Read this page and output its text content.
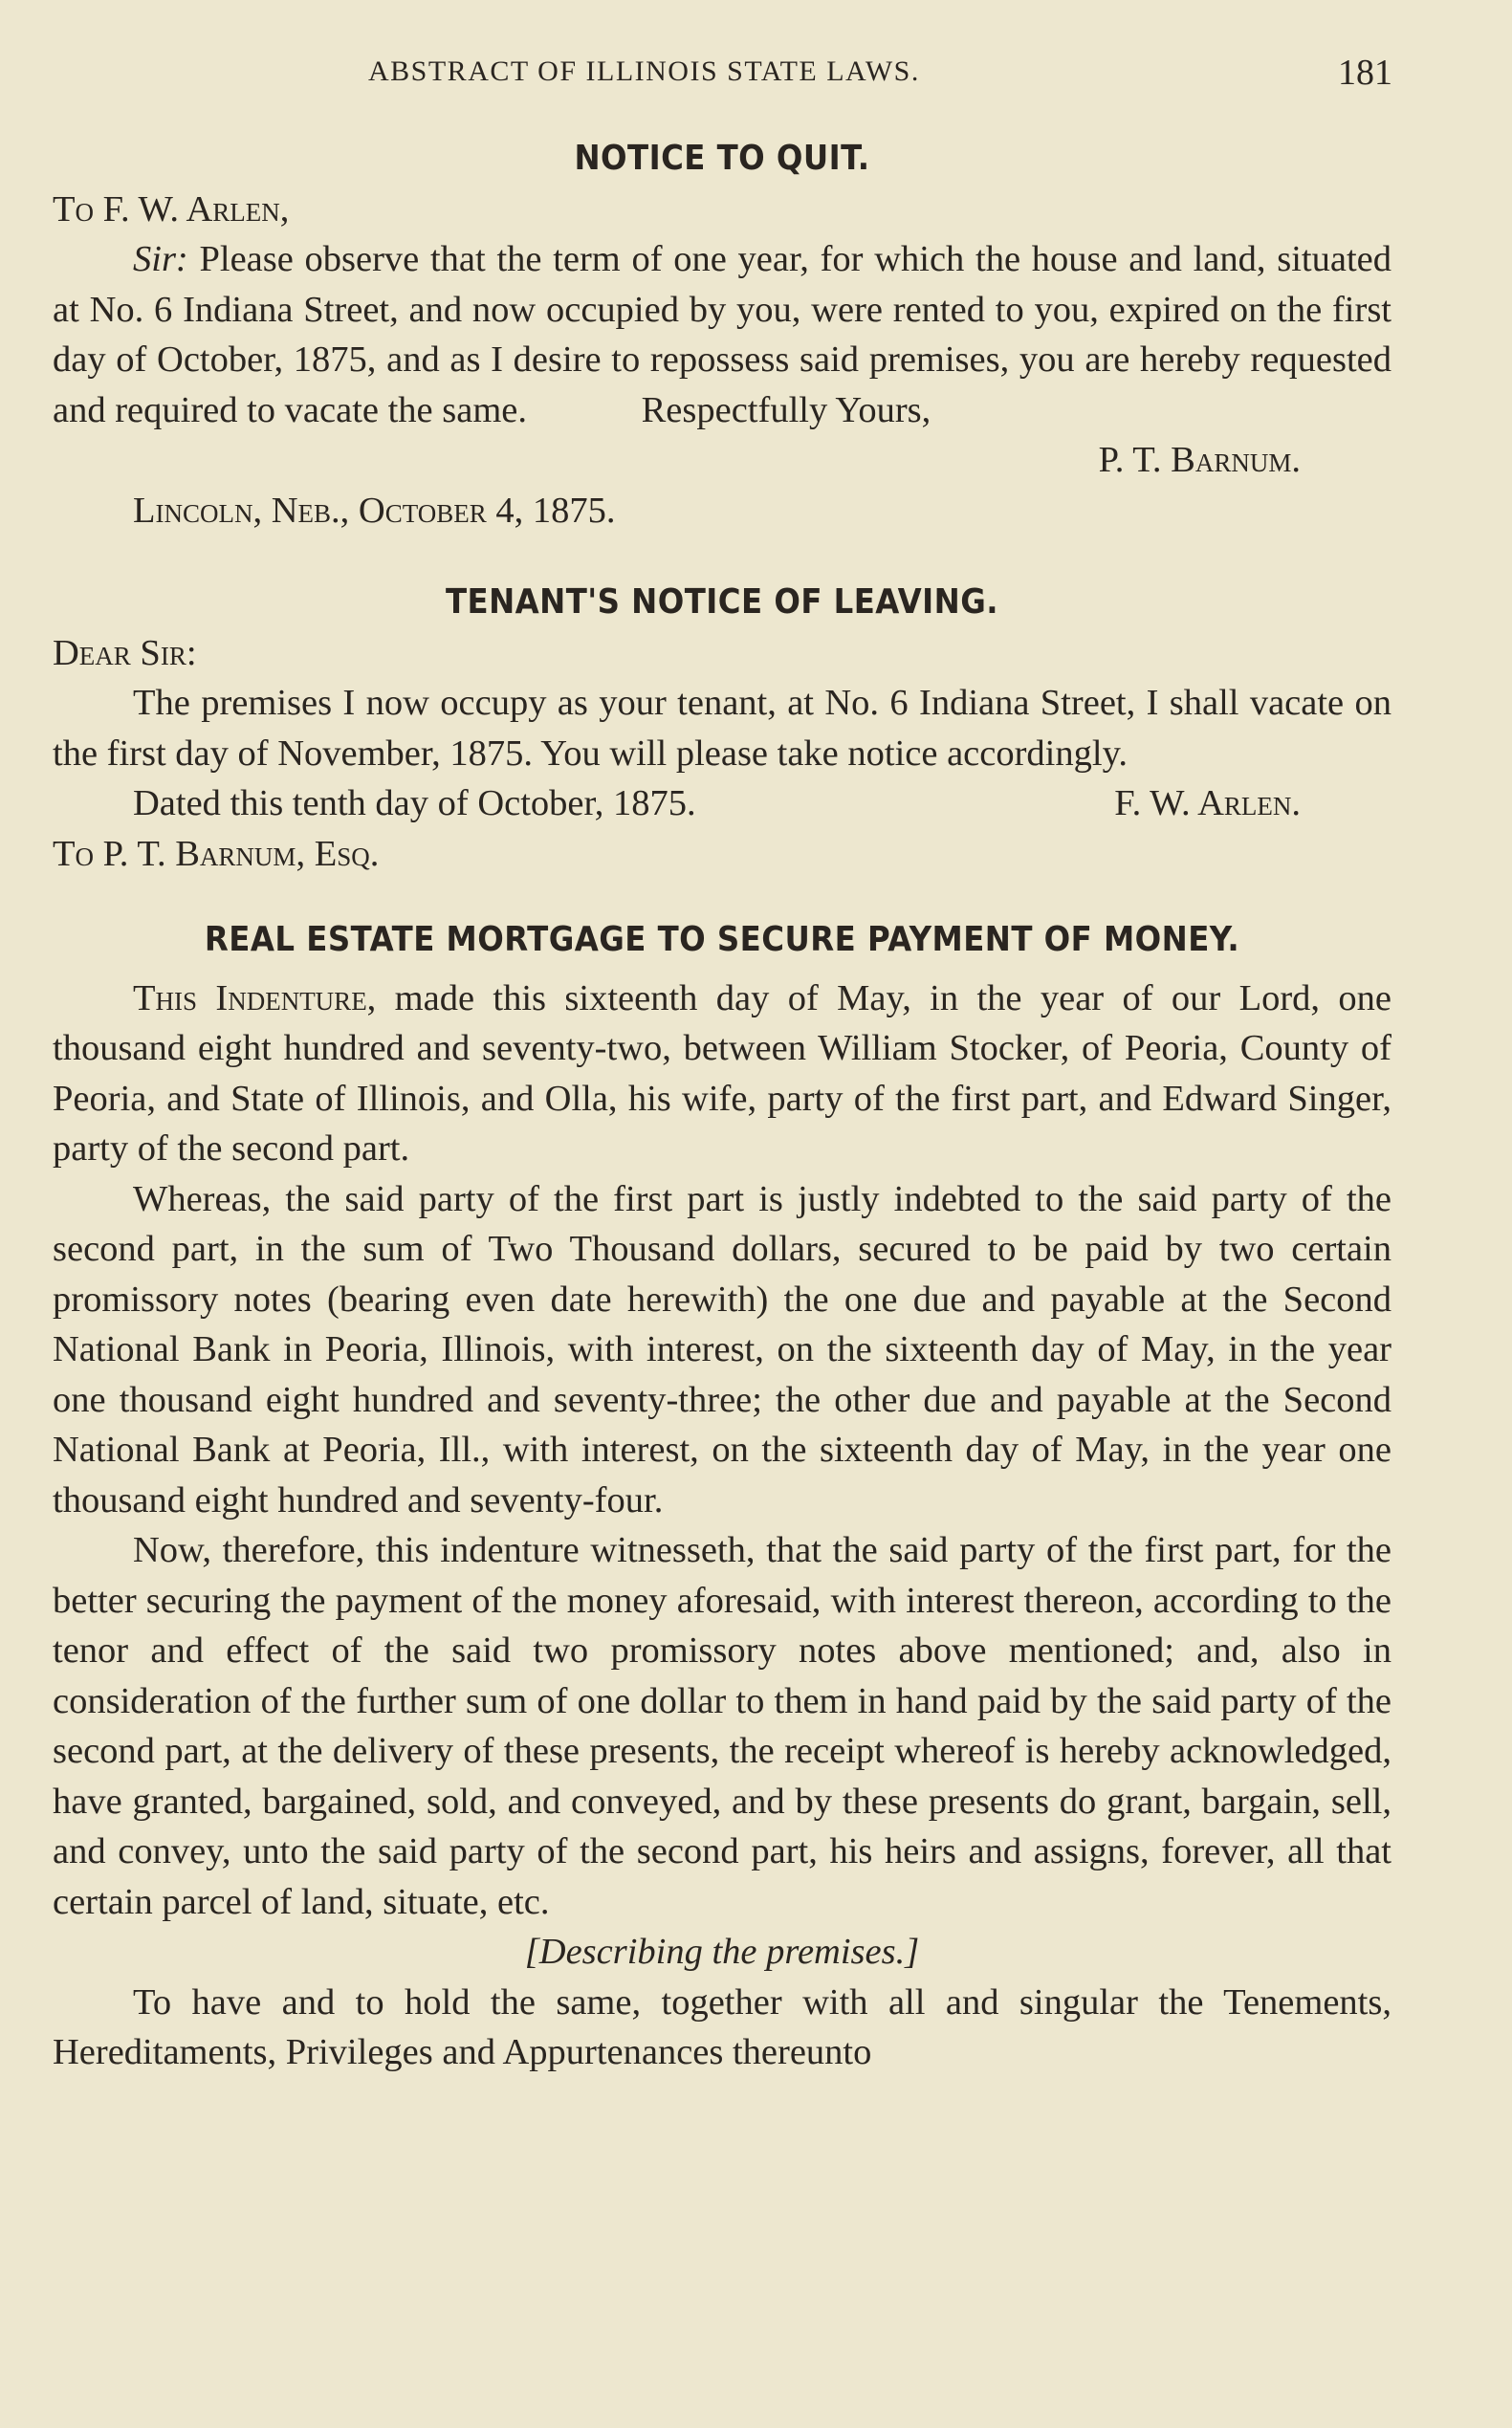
ABSTRACT OF ILLINOIS STATE LAWS.	181
NOTICE TO QUIT.
To F. W. Arlen,

Sir: Please observe that the term of one year, for which the house and land, situated at No. 6 Indiana Street, and now occupied by you, were rented to you, expired on the first day of October, 1875, and as I desire to repossess said premises, you are hereby requested and required to vacate the same.	Respectfully Yours,

P. T. Barnum.
Lincoln, Neb., October 4, 1875.
TENANT'S NOTICE OF LEAVING.
Dear Sir:

The premises I now occupy as your tenant, at No. 6 Indiana Street, I shall vacate on the first day of November, 1875. You will please take notice accordingly.

Dated this tenth day of October, 1875.	F. W. Arlen.
To P. T. Barnum, Esq.
REAL ESTATE MORTGAGE TO SECURE PAYMENT OF MONEY.

This Indenture, made this sixteenth day of May, in the year of our Lord, one thousand eight hundred and seventy-two, between William Stocker, of Peoria, County of Peoria, and State of Illinois, and Olla, his wife, party of the first part, and Edward Singer, party of the second part.

Whereas, the said party of the first part is justly indebted to the said party of the second part, in the sum of Two Thousand dollars, secured to be paid by two certain promissory notes (bearing even date herewith) the one due and payable at the Second National Bank in Peoria, Illinois, with interest, on the sixteenth day of May, in the year one thousand eight hundred and seventy-three; the other due and payable at the Second National Bank at Peoria, Ill., with interest, on the sixteenth day of May, in the year one thousand eight hundred and seventy-four.

Now, therefore, this indenture witnesseth, that the said party of the first part, for the better securing the payment of the money aforesaid, with interest thereon, according to the tenor and effect of the said two promissory notes above mentioned; and, also in consideration of the further sum of one dollar to them in hand paid by the said party of the second part, at the delivery of these presents, the receipt whereof is hereby acknowledged, have granted, bargained, sold, and conveyed, and by these presents do grant, bargain, sell, and convey, unto the said party of the second part, his heirs and assigns, forever, all that certain parcel of land, situate, etc.

[Describing the premises.]

To have and to hold the same, together with all and singular the Tenements, Hereditaments, Privileges and Appurtenances thereunto
